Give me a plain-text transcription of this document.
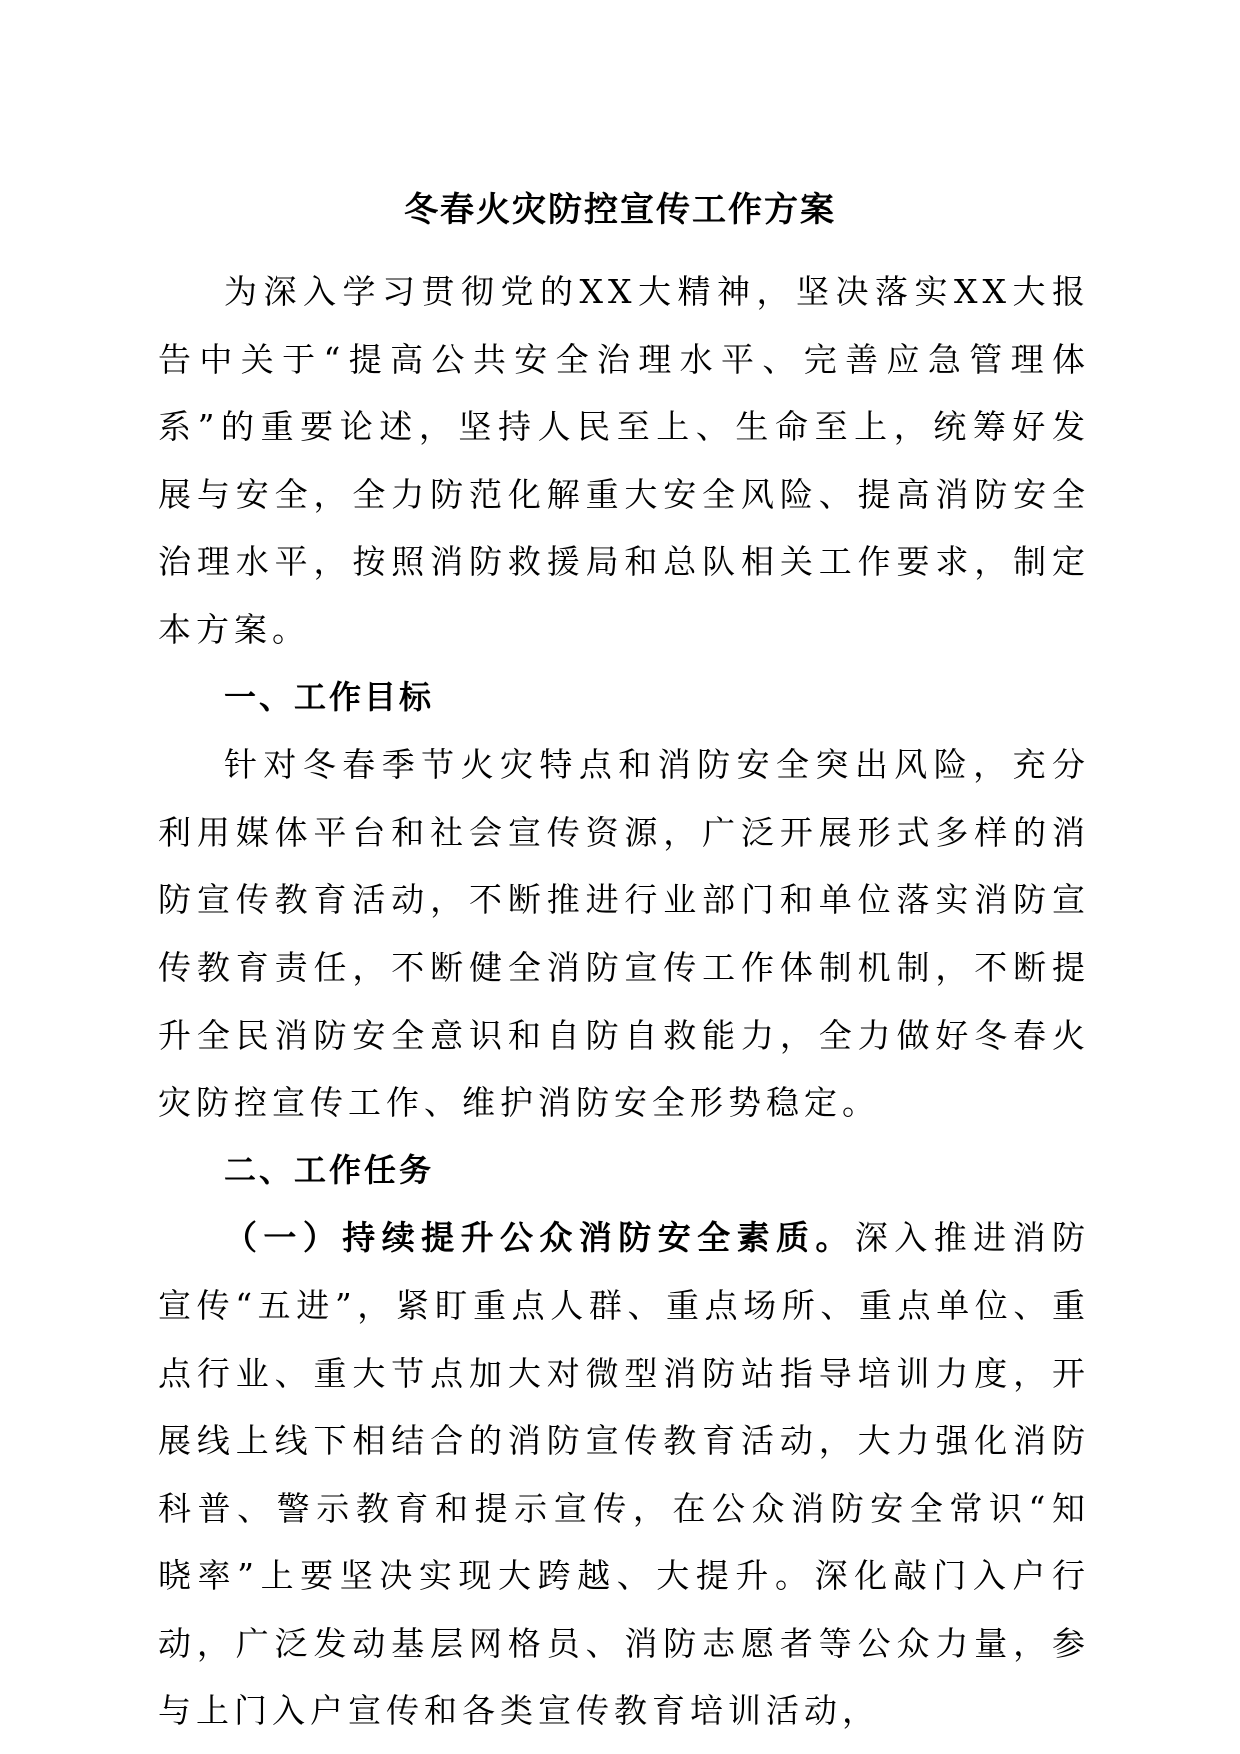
冬春火灾防控宣传工作方案

为深入学习贯彻党的XX大精神，坚决落实XX大报告中关于“提高公共安全治理水平、完善应急管理体系”的重要论述，坚持人民至上、生命至上，统筹好发展与安全，全力防范化解重大安全风险、提高消防安全治理水平，按照消防救援局和总队相关工作要求，制定本方案。

一、工作目标

针对冬春季节火灾特点和消防安全突出风险，充分利用媒体平台和社会宣传资源，广泛开展形式多样的消防宣传教育活动，不断推进行业部门和单位落实消防宣传教育责任，不断健全消防宣传工作体制机制，不断提升全民消防安全意识和自防自救能力，全力做好冬春火灾防控宣传工作、维护消防安全形势稳定。

二、工作任务

（一）持续提升公众消防安全素质。深入推进消防宣传“五进”，紧盯重点人群、重点场所、重点单位、重点行业、重大节点加大对微型消防站指导培训力度，开展线上线下相结合的消防宣传教育活动，大力强化消防科普、警示教育和提示宣传，在公众消防安全常识“知晓率”上要坚决实现大跨越、大提升。深化敲门入户行动，广泛发动基层网格员、消防志愿者等公众力量，参与上门入户宣传和各类宣传教育培训活动，
